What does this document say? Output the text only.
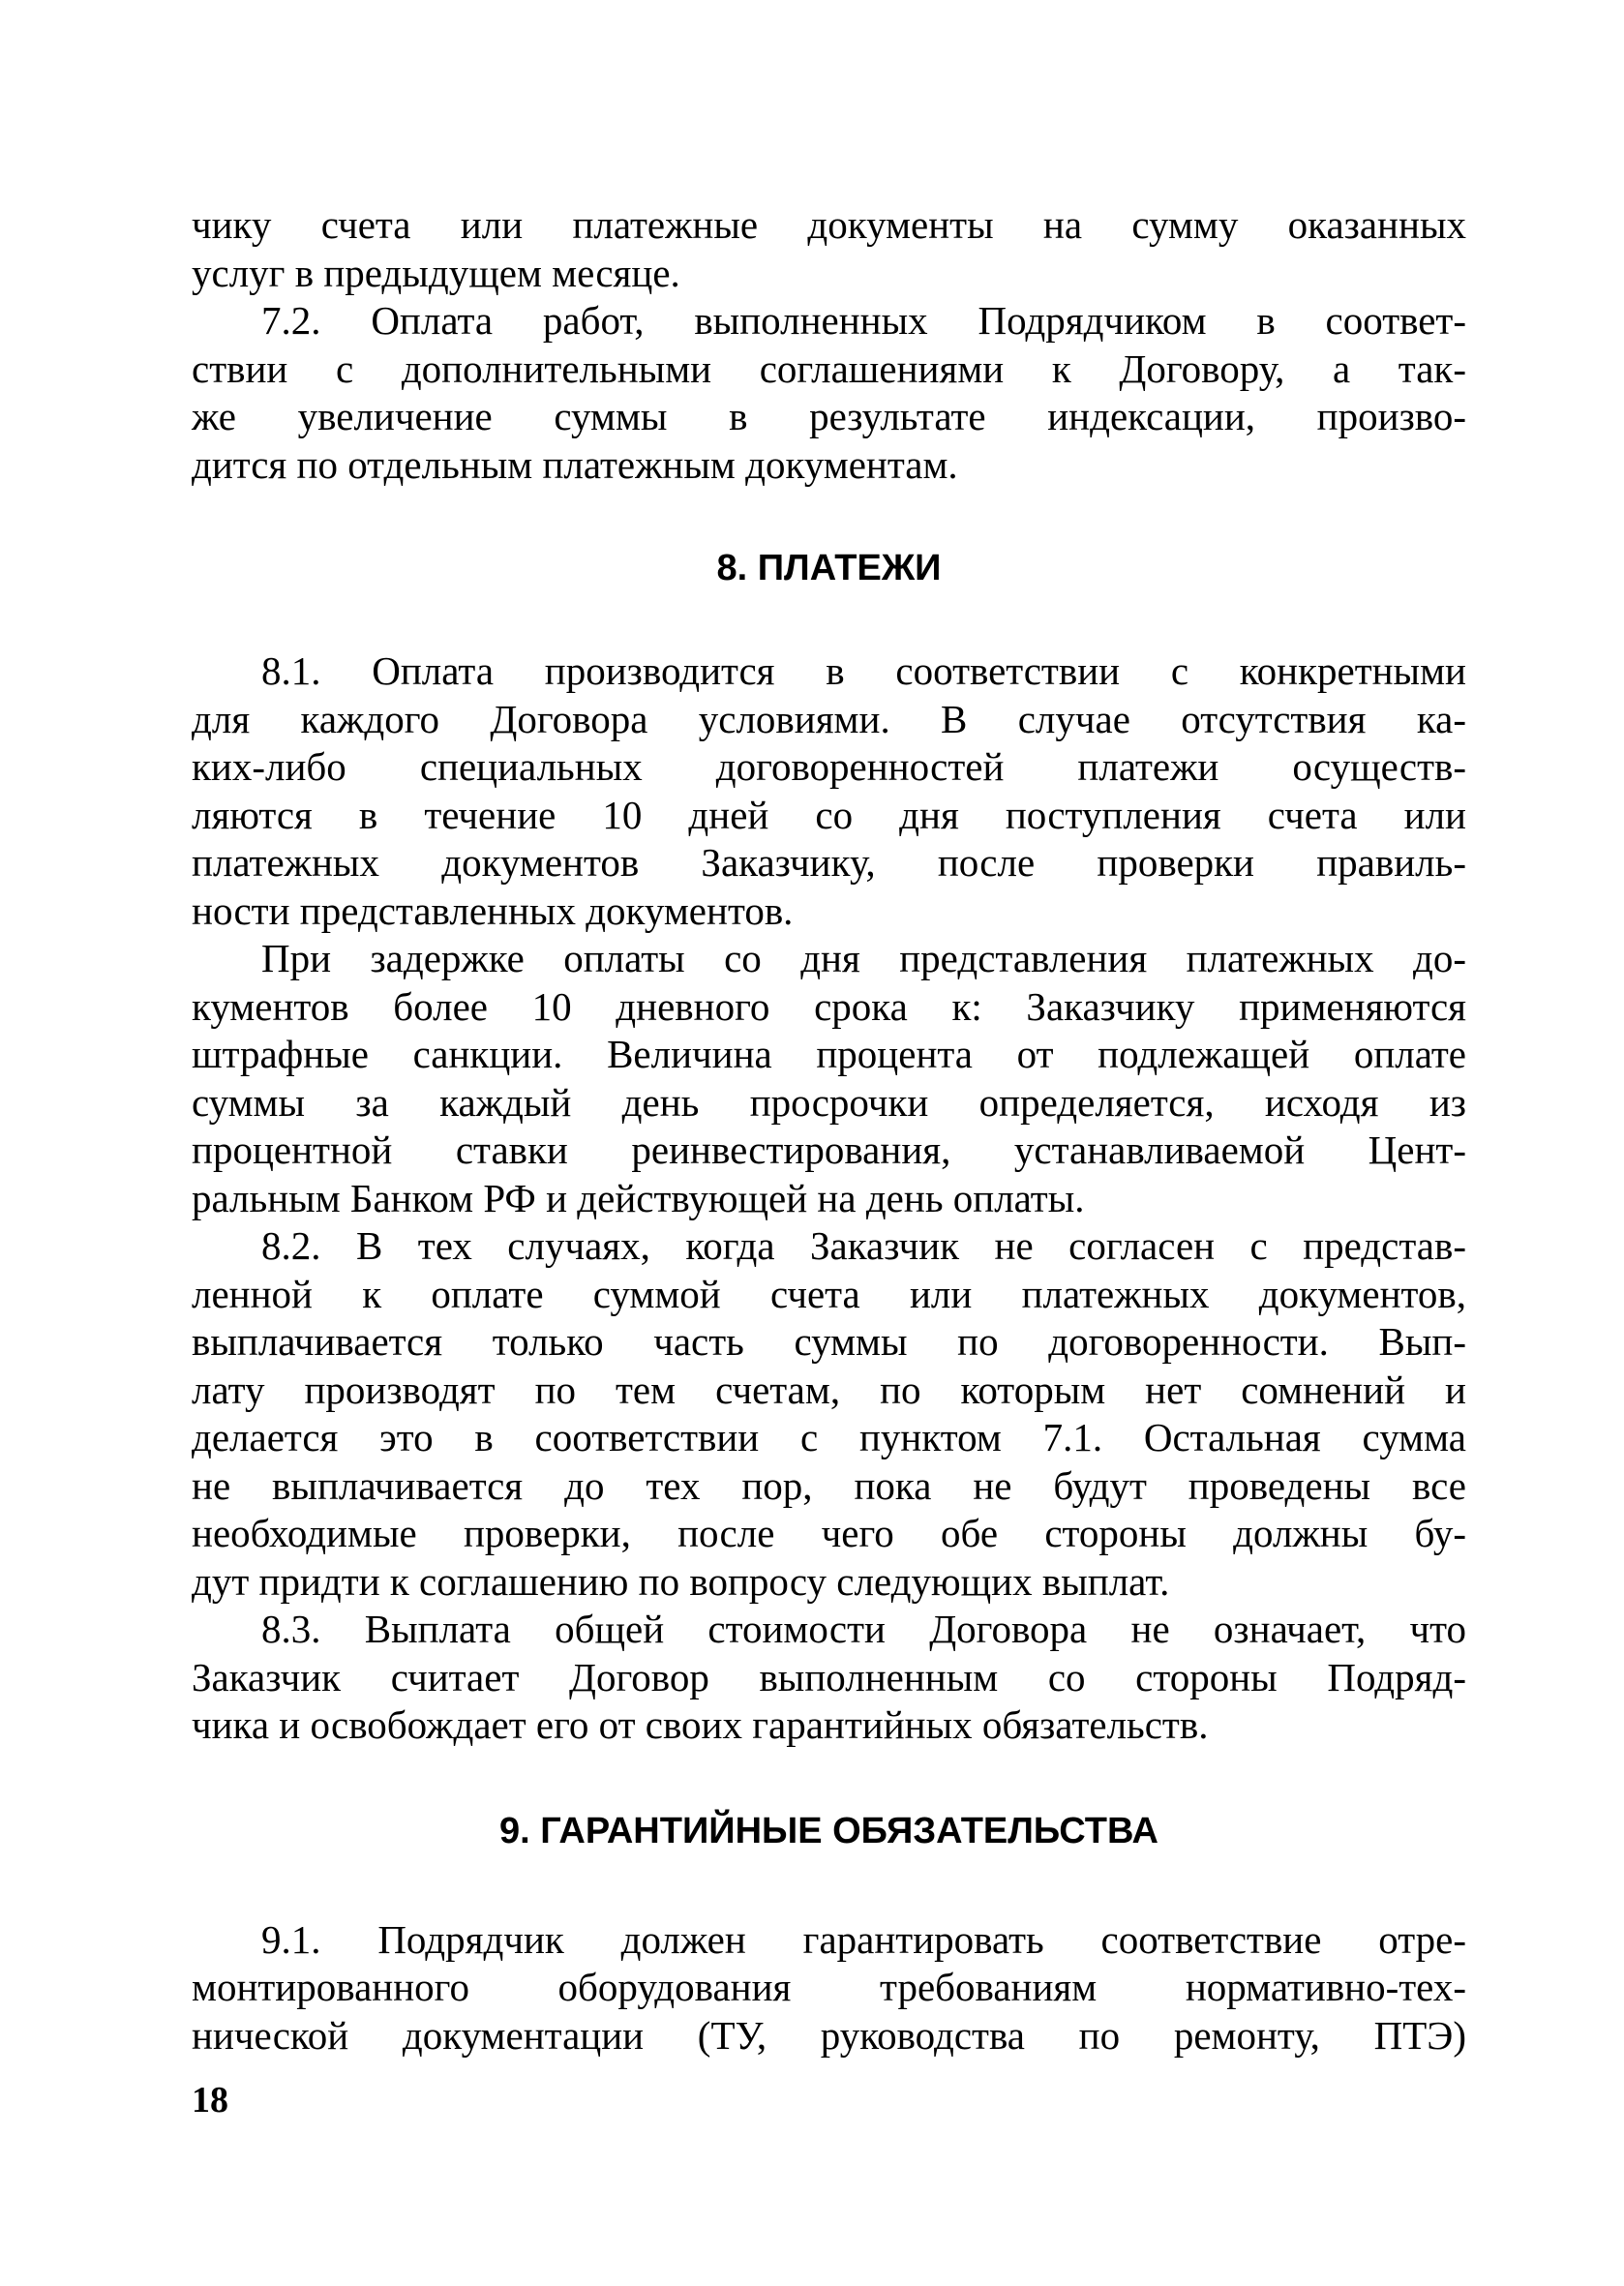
чику счета или платежные документы на сумму оказанных
услуг в предыдущем месяце.
7.2. Оплата работ, выполненных Подрядчиком в соответ-
ствии с дополнительными соглашениями к Договору, а так-
же увеличение суммы в результате индексации, произво-
дится по отдельным платежным документам.
8. ПЛАТЕЖИ
8.1. Оплата производится в соответствии с конкретными
для каждого Договора условиями. В случае отсутствия ка-
ких-либо специальных договоренностей платежи осуществ-
ляются в течение 10 дней со дня поступления счета или
платежных документов Заказчику, после проверки правиль-
ности представленных документов.
При задержке оплаты со дня представления платежных до-
кументов более 10 дневного срока к: Заказчику применяются
штрафные санкции. Величина процента от подлежащей оплате
суммы за каждый день просрочки определяется, исходя из
процентной ставки реинвестирования, устанавливаемой Цент-
ральным Банком РФ и действующей на день оплаты.
8.2. В тех случаях, когда Заказчик не согласен с представ-
ленной к оплате суммой счета или платежных документов,
выплачивается только часть суммы по договоренности. Вып-
лату производят по тем счетам, по которым нет сомнений и
делается это в соответствии с пунктом 7.1. Остальная сумма
не выплачивается до тех пор, пока не будут проведены все
необходимые проверки, после чего обе стороны должны бу-
дут придти к соглашению по вопросу следующих выплат.
8.3. Выплата общей стоимости Договора не означает, что
Заказчик считает Договор выполненным со стороны Подряд-
чика и освобождает его от своих гарантийных обязательств.
9. ГАРАНТИЙНЫЕ ОБЯЗАТЕЛЬСТВА
9.1. Подрядчик должен гарантировать соответствие отре-
монтированного оборудования требованиям нормативно-тех-
нической документации (ТУ, руководства по ремонту, ПТЭ)
18
